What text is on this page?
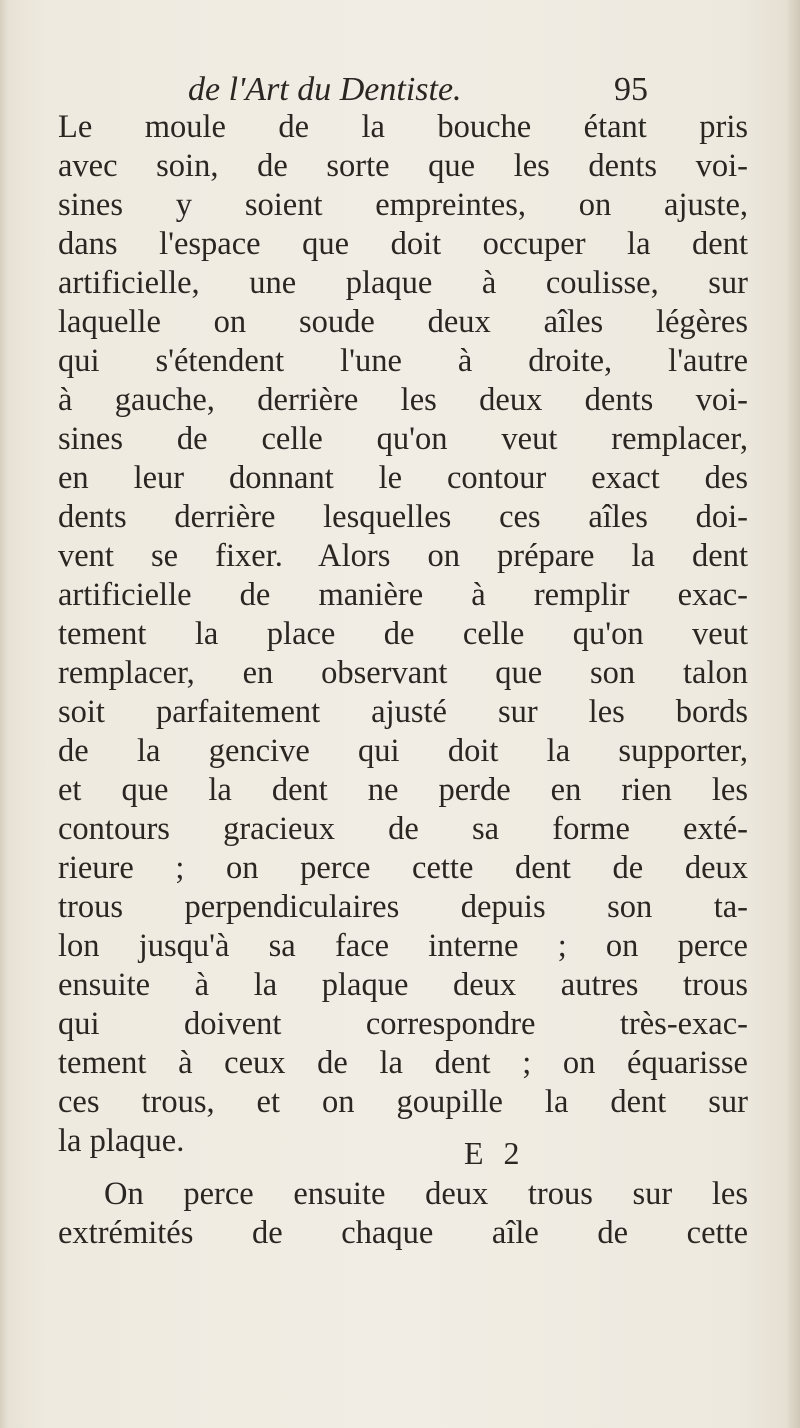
de l'Art du Dentiste.	95
Le moule de la bouche étant pris
avec soin, de sorte que les dents voi-
sines y soient empreintes, on ajuste,
dans l'espace que doit occuper la dent
artificielle, une plaque à coulisse, sur
laquelle on soude deux aîles légères
qui s'étendent l'une à droite, l'autre
à gauche, derrière les deux dents voi-
sines de celle qu'on veut remplacer,
en leur donnant le contour exact des
dents derrière lesquelles ces aîles doi-
vent se fixer. Alors on prépare la dent
artificielle de manière à remplir exac-
tement la place de celle qu'on veut
remplacer, en observant que son talon
soit parfaitement ajusté sur les bords
de la gencive qui doit la supporter,
et que la dent ne perde en rien les
contours gracieux de sa forme exté-
rieure ; on perce cette dent de deux
trous perpendiculaires depuis son ta-
lon jusqu'à sa face interne ; on perce
ensuite à la plaque deux autres trous
qui doivent correspondre très-exac-
tement à ceux de la dent ; on équarisse
ces trous, et on goupille la dent sur
la plaque.
On perce ensuite deux trous sur les
extrémités de chaque aîle de cette
E 2
